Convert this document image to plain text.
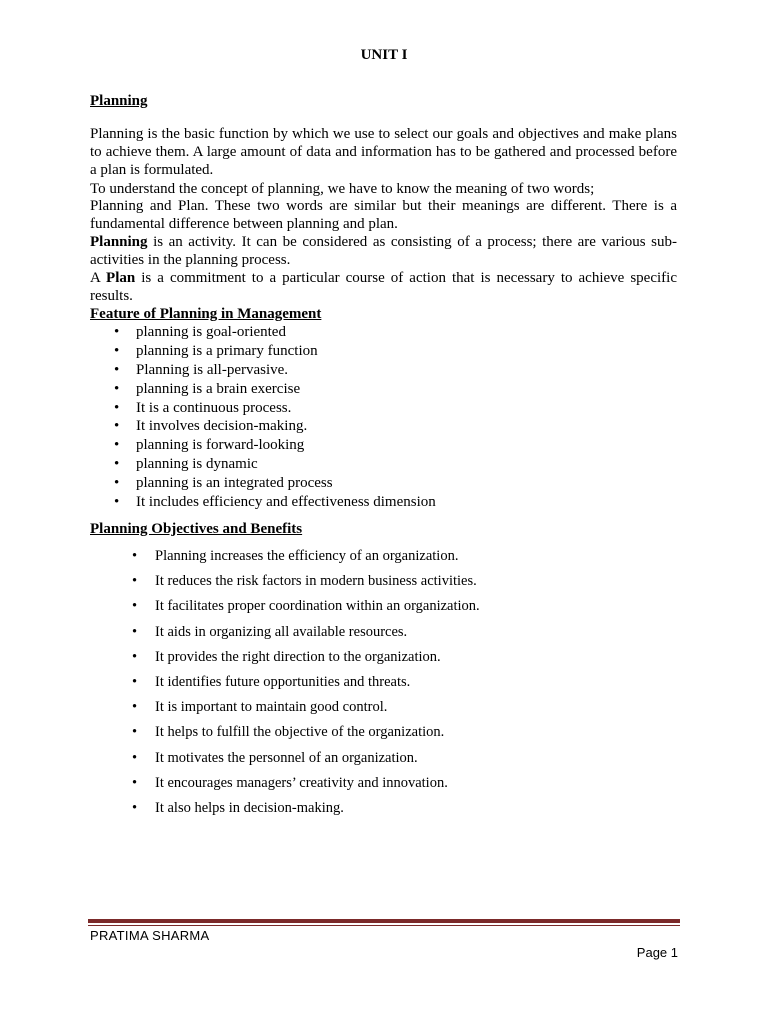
UNIT I
Planning

Planning is the basic function by which we use to select our goals and objectives and make plans to achieve them. A large amount of data and information has to be gathered and processed before a plan is formulated.

To understand the concept of planning, we have to know the meaning of two words;

Planning and Plan. These two words are similar but their meanings are different. There is a fundamental difference between planning and plan.

Planning is an activity. It can be considered as consisting of a process; there are various sub-activities in the planning process.

A Plan is a commitment to a particular course of action that is necessary to achieve specific results.

Feature of Planning in Management
• planning is goal-oriented
• planning is a primary function
• Planning is all-pervasive.
• planning is a brain exercise
• It is a continuous process.
• It involves decision-making.
• planning is forward-looking
• planning is dynamic
• planning is an integrated process
• It includes efficiency and effectiveness dimension
Planning Objectives and Benefits
• Planning increases the efficiency of an organization.
• It reduces the risk factors in modern business activities.
• It facilitates proper coordination within an organization.
• It aids in organizing all available resources.
• It provides the right direction to the organization.
• It identifies future opportunities and threats.
• It is important to maintain good control.
• It helps to fulfill the objective of the organization.
• It motivates the personnel of an organization.
• It encourages managers’ creativity and innovation.
• It also helps in decision-making.
PRATIMA SHARMA
Page 1
